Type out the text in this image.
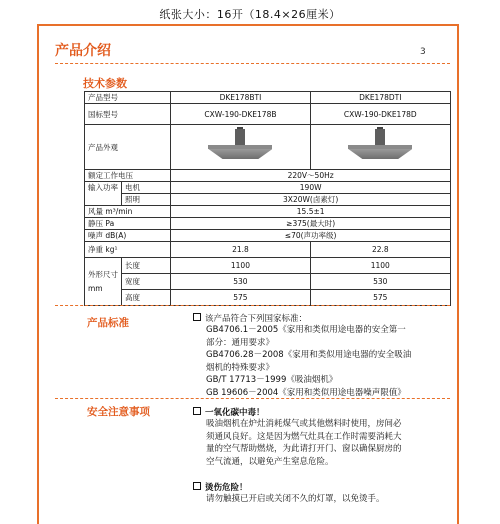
纸张大小：16开（18.4×26厘米）
产品介绍	3
技术参数
产品型号		DKE178BTI	DKE178DTI
国标型号		CXW-190-DKE178B	CXW-190-DKE178D
产品外观		

额定工作电压		220V～50Hz	
输入功率	电机	190W	
	照明	3X20W(卤素灯)	
风量 m³/min		15.5±1	
静压 Pa		≥375(最大时)	
噪声 dB(A)		≤70(声功率级)	
净重 kg¹		21.8	22.8
外形尺寸
mm	长度	1100	1100
	宽度	530	530
	高度	575	575
产品标准	该产品符合下列国家标准：
GB4706.1－2005《家用和类似用途电器的安全第一
部分：通用要求》
GB4706.28－2008《家用和类似用途电器的安全吸油
烟机的特殊要求》
GB/T 17713－1999《吸油烟机》
GB 19606－2004《家用和类似用途电器噪声限值》
安全注意事项	一氧化碳中毒！
吸油烟机在炉灶消耗煤气或其他燃料时使用，房间必
须通风良好。这是因为燃气灶具在工作时需要消耗大
量的空气帮助燃烧，为此请打开门、窗以确保厨房的
空气流通，以避免产生窒息危险。
烫伤危险！
请勿触摸已开启或关闭不久的灯罩，以免烫手。
